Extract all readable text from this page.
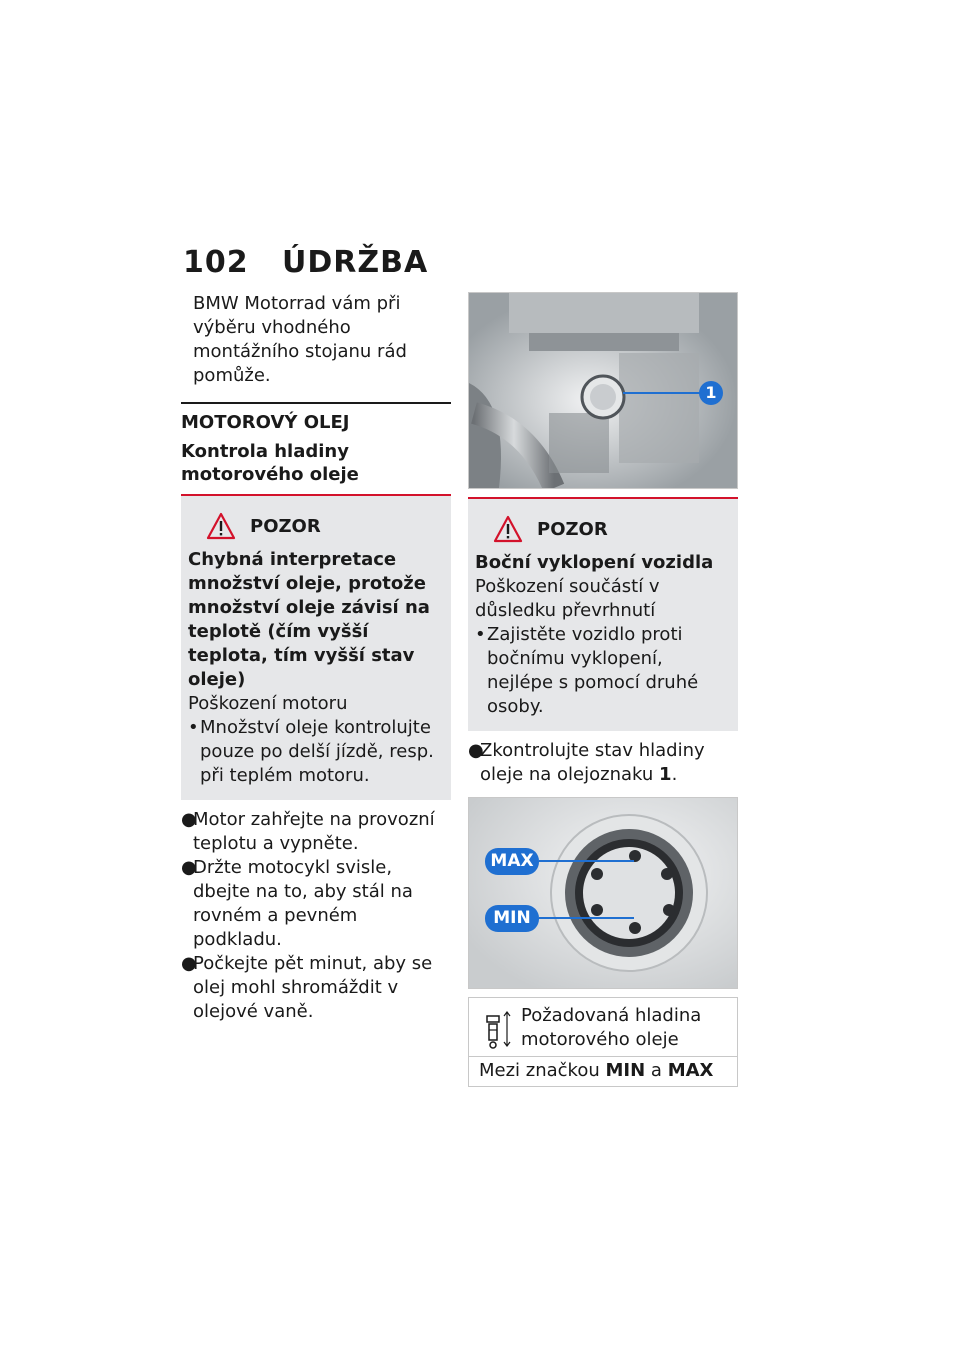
102 ÚDRŽBA

BMW Motorrad vám při výběru vhodného montážního stojanu rád pomůže.

MOTOROVÝ OLEJ
Kontrola hladiny motorového oleje
POZOR
Chybná interpretace množství oleje, protože množství oleje závisí na teplotě (čím vyšší teplota, tím vyšší stav oleje)
Poškození motoru
• Množství oleje kontrolujte pouze po delší jízdě, resp. při teplém motoru.
●
Motor zahřejte na provozní teplotu a vypněte.
●
Držte motocykl svisle, dbejte na to, aby stál na rovném a pevném podkladu.
●
Počkejte pět minut, aby se olej mohl shromáždit v olejové vaně.
1
POZOR
Boční vyklopení vozidla
Poškození součástí v důsledku převrhnutí
• Zajistěte vozidlo proti bočnímu vyklopení, nejlépe s pomocí druhé osoby.
●
Zkontrolujte stav hladiny oleje na olejoznaku 1.
MAX
MIN
Požadovaná hladina motorového oleje
Mezi značkou MIN a MAX
